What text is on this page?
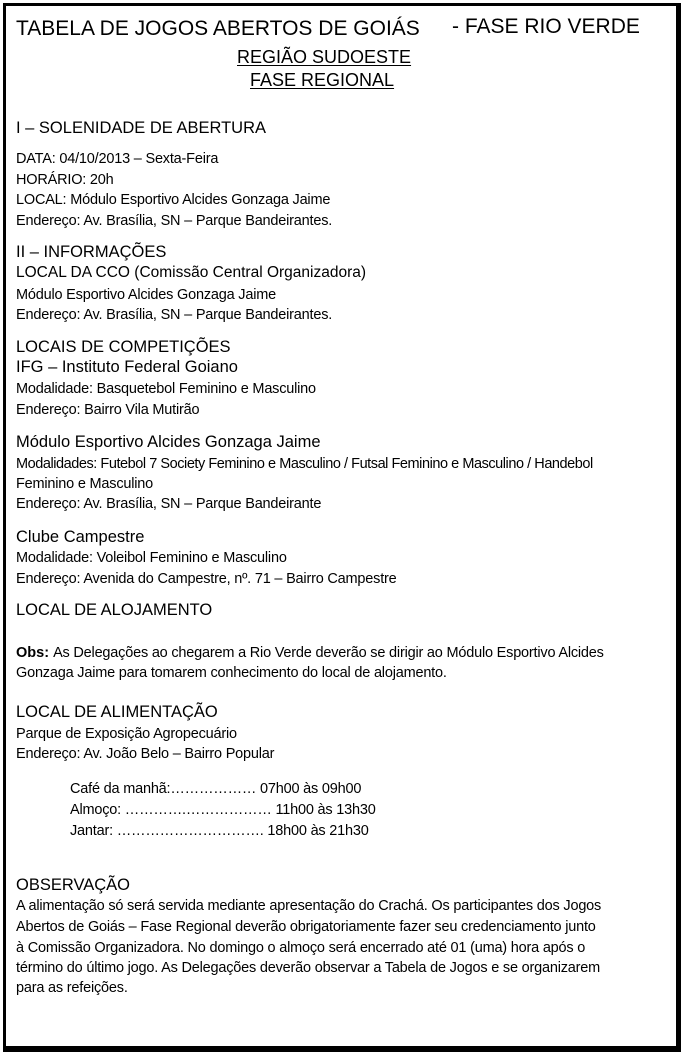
TABELA DE JOGOS ABERTOS DE GOIÁS - FASE RIO VERDE
REGIÃO SUDOESTE
FASE REGIONAL
I – SOLENIDADE DE ABERTURA
DATA: 04/10/2013 – Sexta-Feira
HORÁRIO: 20h
LOCAL: Módulo Esportivo Alcides Gonzaga Jaime
Endereço: Av. Brasília, SN – Parque Bandeirantes.
II – INFORMAÇÕES
LOCAL DA CCO (Comissão Central Organizadora)
Módulo Esportivo Alcides Gonzaga Jaime
Endereço: Av. Brasília, SN – Parque Bandeirantes.
LOCAIS DE COMPETIÇÕES
IFG – Instituto Federal Goiano
Modalidade: Basquetebol Feminino e Masculino
Endereço: Bairro Vila Mutirão
Módulo Esportivo Alcides Gonzaga Jaime
Modalidades: Futebol 7 Society Feminino e Masculino / Futsal Feminino e Masculino / Handebol
Feminino e Masculino
Endereço: Av. Brasília, SN – Parque Bandeirante
Clube Campestre
Modalidade: Voleibol Feminino e Masculino
Endereço: Avenida do Campestre, nº. 71 – Bairro Campestre
LOCAL DE ALOJAMENTO
Obs: As Delegações ao chegarem a Rio Verde deverão se dirigir ao Módulo Esportivo Alcides
Gonzaga Jaime para tomarem conhecimento do local de alojamento.
LOCAL DE ALIMENTAÇÃO
Parque de Exposição Agropecuário
Endereço: Av. João Belo – Bairro Popular
Café da manhã:……………… 07h00 às 09h00
Almoço: ………….……………… 11h00 às 13h30
Jantar: …………………………. 18h00 às 21h30
OBSERVAÇÃO
A alimentação só será servida mediante apresentação do Crachá. Os participantes dos Jogos
Abertos de Goiás – Fase Regional deverão obrigatoriamente fazer seu credenciamento junto
à Comissão Organizadora. No domingo o almoço será encerrado até 01 (uma) hora após o
término do último jogo. As Delegações deverão observar a Tabela de Jogos e se organizarem
para as refeições.
